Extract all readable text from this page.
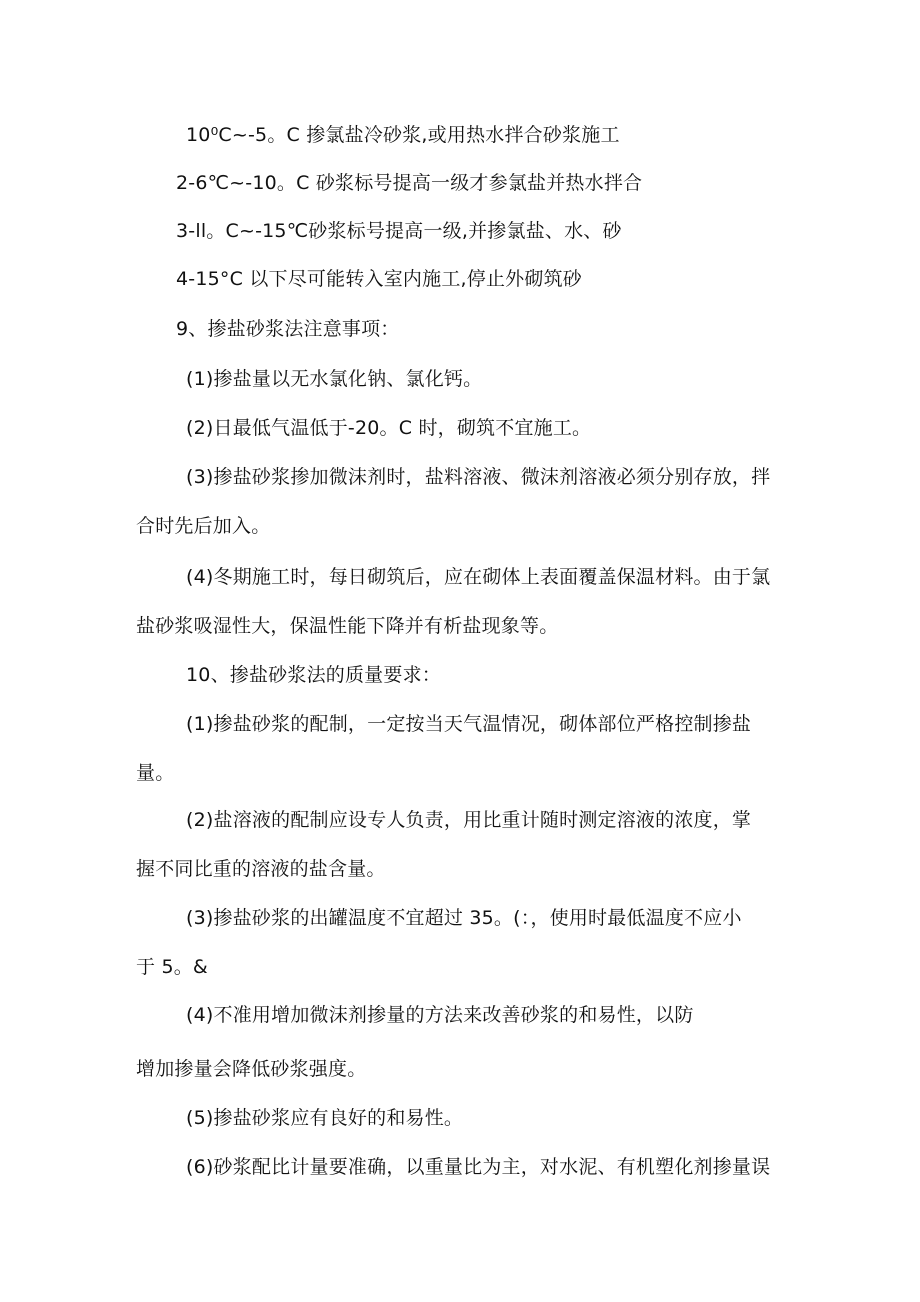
10⁰C~-5。C 掺氯盐冷砂浆,或用热水拌合砂浆施工
2-6℃~-10。C 砂浆标号提高一级才参氯盐并热水拌合
3-ll。C~-15℃砂浆标号提高一级,并掺氯盐、水、砂
4-15°C 以下尽可能转入室内施工,停止外砌筑砂
9、掺盐砂浆法注意事项：
(1)掺盐量以无水氯化钠、氯化钙。
(2)日最低气温低于-20。C 时，砌筑不宜施工。
(3)掺盐砂浆掺加微沫剂时，盐料溶液、微沫剂溶液必须分别存放，拌
合时先后加入。
(4)冬期施工时，每日砌筑后，应在砌体上表面覆盖保温材料。由于氯
盐砂浆吸湿性大，保温性能下降并有析盐现象等。
10、掺盐砂浆法的质量要求：
(1)掺盐砂浆的配制，一定按当天气温情况，砌体部位严格控制掺盐
量。
(2)盐溶液的配制应设专人负责，用比重计随时测定溶液的浓度，掌
握不同比重的溶液的盐含量。
(3)掺盐砂浆的出罐温度不宜超过 35。(：，使用时最低温度不应小
于 5。&
(4)不准用增加微沫剂掺量的方法来改善砂浆的和易性，以防
增加掺量会降低砂浆强度。
(5)掺盐砂浆应有良好的和易性。
(6)砂浆配比计量要准确，以重量比为主，对水泥、有机塑化剂掺量误
